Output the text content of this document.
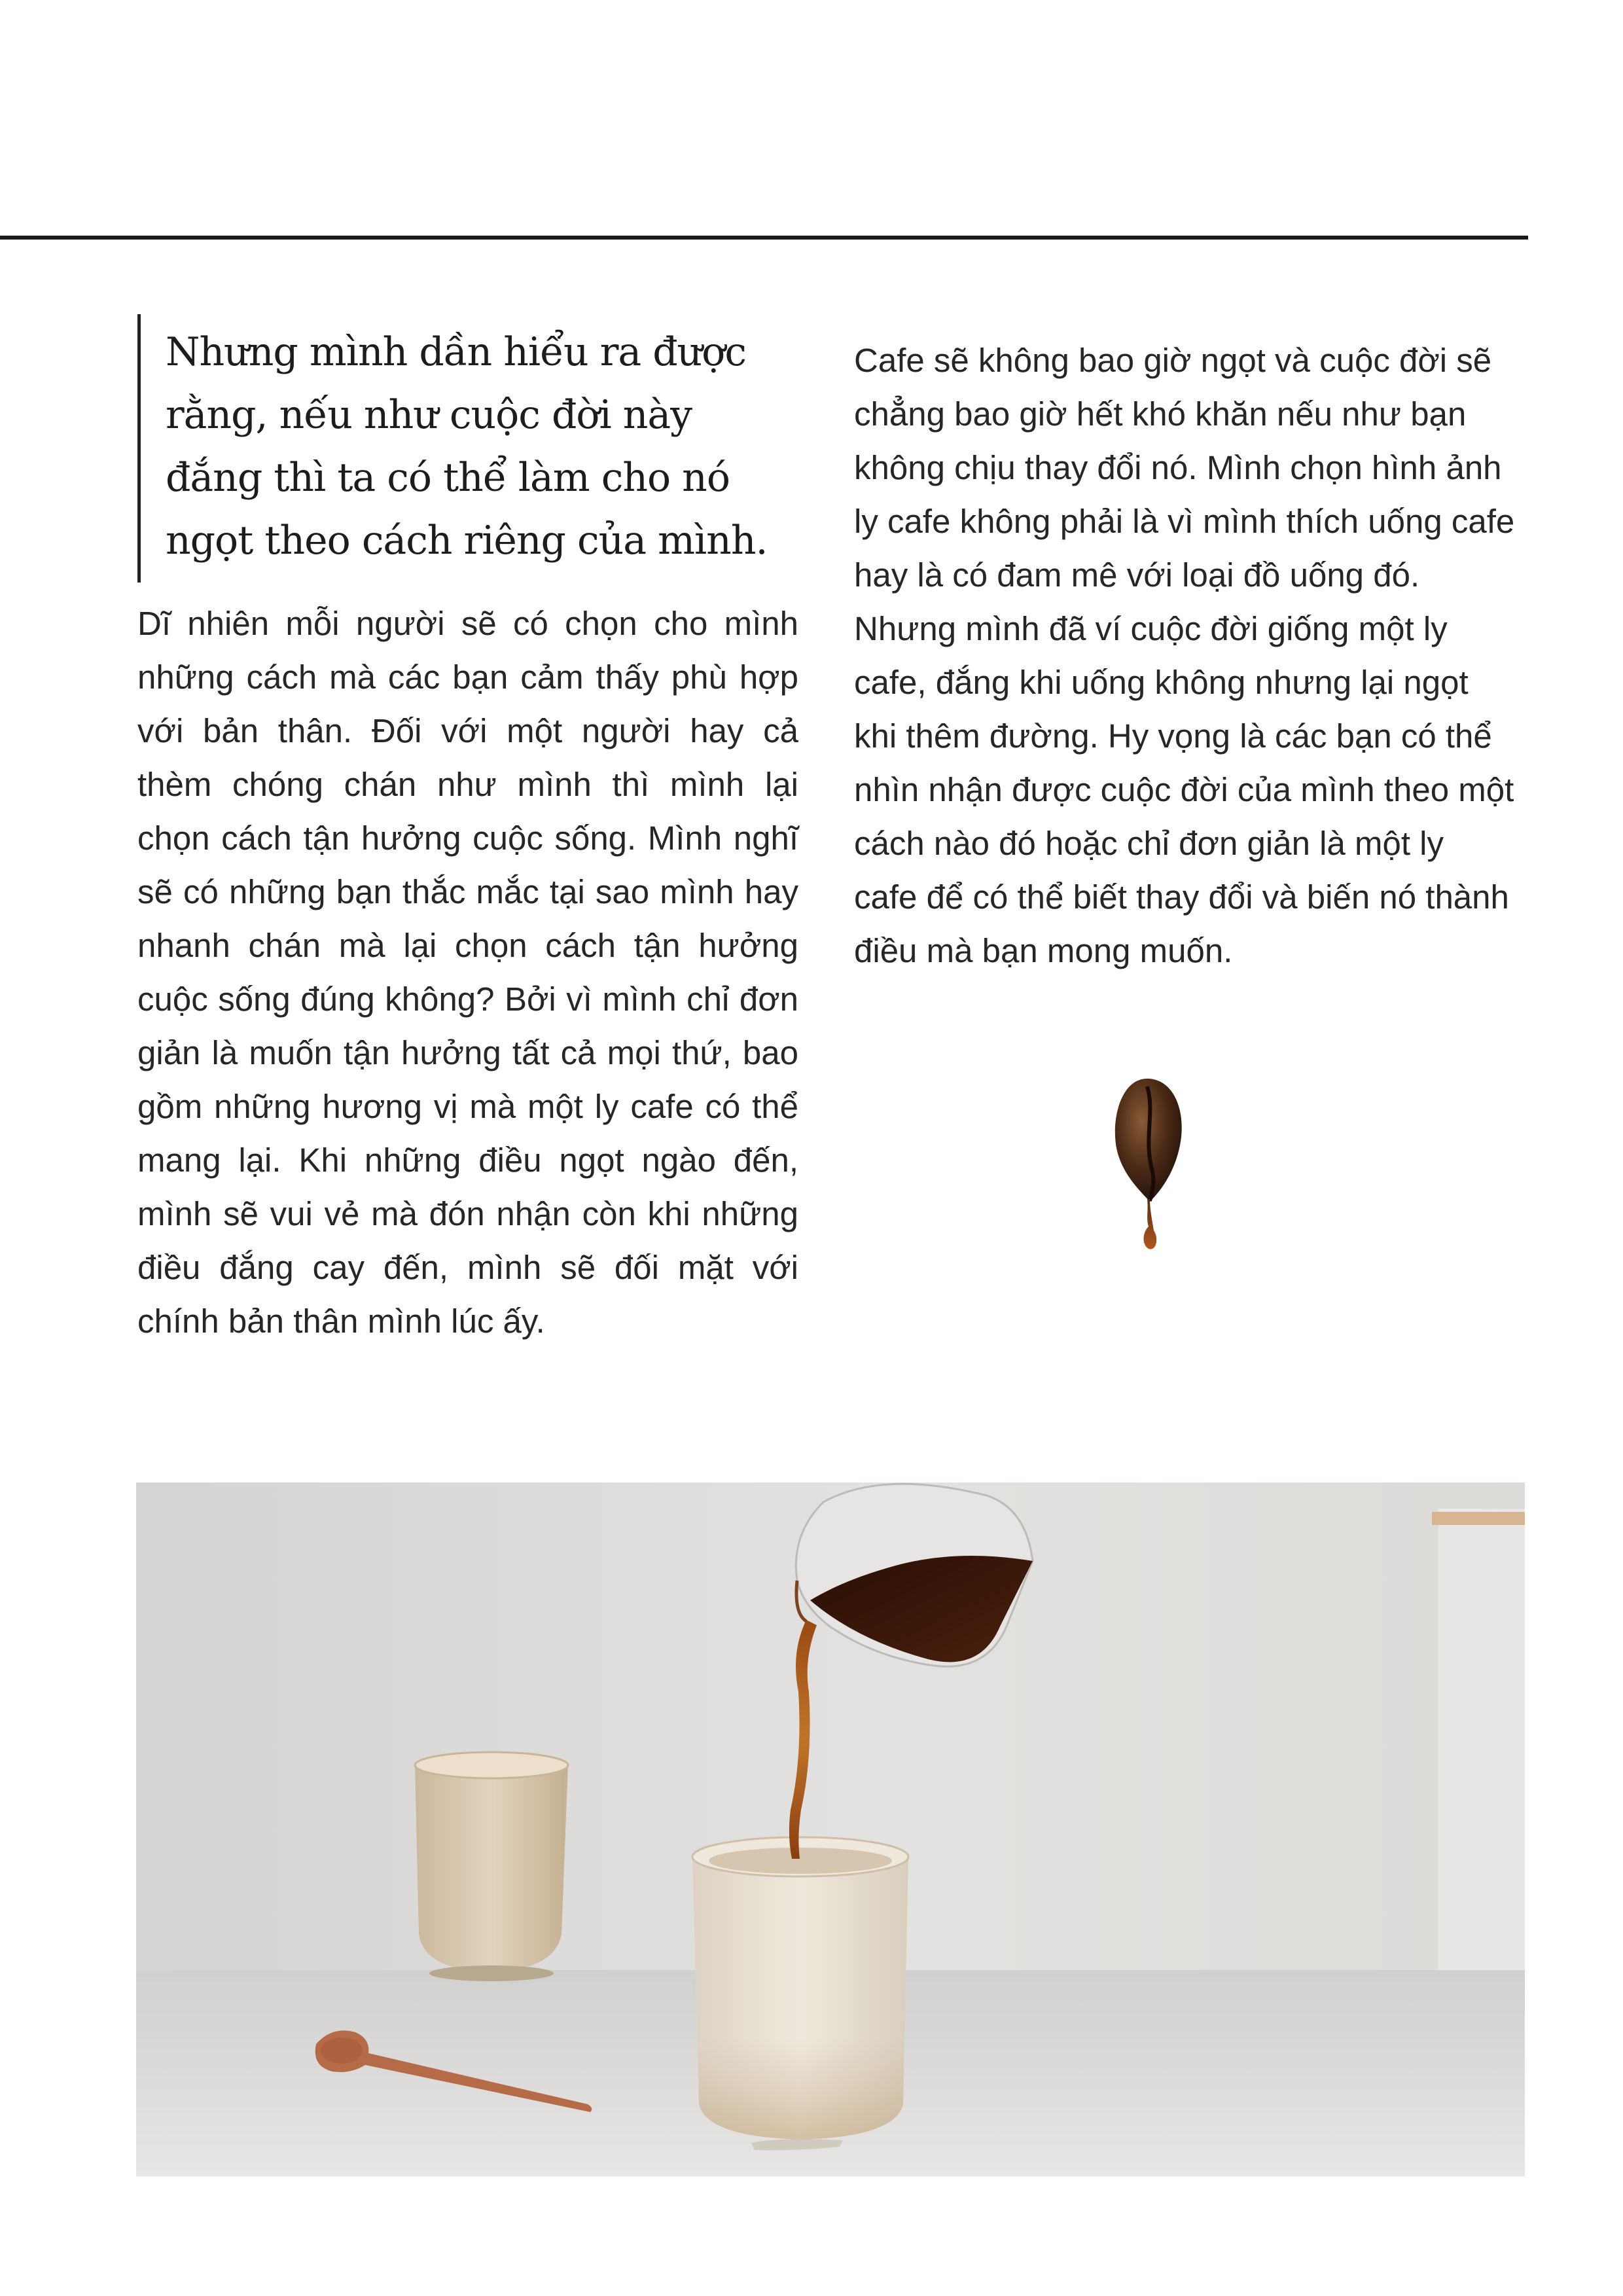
Nhưng mình dần hiểu ra được rằng, nếu như cuộc đời này đắng thì ta có thể làm cho nó ngọt theo cách riêng của mình.

Dĩ nhiên mỗi người sẽ có chọn cho mình những cách mà các bạn cảm thấy phù hợp với bản thân. Đối với một người hay cả thèm chóng chán như mình thì mình lại chọn cách tận hưởng cuộc sống. Mình nghĩ sẽ có những bạn thắc mắc tại sao mình hay nhanh chán mà lại chọn cách tận hưởng cuộc sống đúng không? Bởi vì mình chỉ đơn giản là muốn tận hưởng tất cả mọi thứ, bao gồm những hương vị mà một ly cafe có thể mang lại. Khi những điều ngọt ngào đến, mình sẽ vui vẻ mà đón nhận còn khi những điều đắng cay đến, mình sẽ đối mặt với chính bản thân mình lúc ấy.

Cafe sẽ không bao giờ ngọt và cuộc đời sẽ chẳng bao giờ hết khó khăn nếu như bạn không chịu thay đổi nó. Mình chọn hình ảnh ly cafe không phải là vì mình thích uống cafe hay là có đam mê với loại đồ uống đó. Nhưng mình đã ví cuộc đời giống một ly cafe, đắng khi uống không nhưng lại ngọt khi thêm đường. Hy vọng là các bạn có thể nhìn nhận được cuộc đời của mình theo một cách nào đó hoặc chỉ đơn giản là một ly cafe để có thể biết thay đổi và biến nó thành điều mà bạn mong muốn.
